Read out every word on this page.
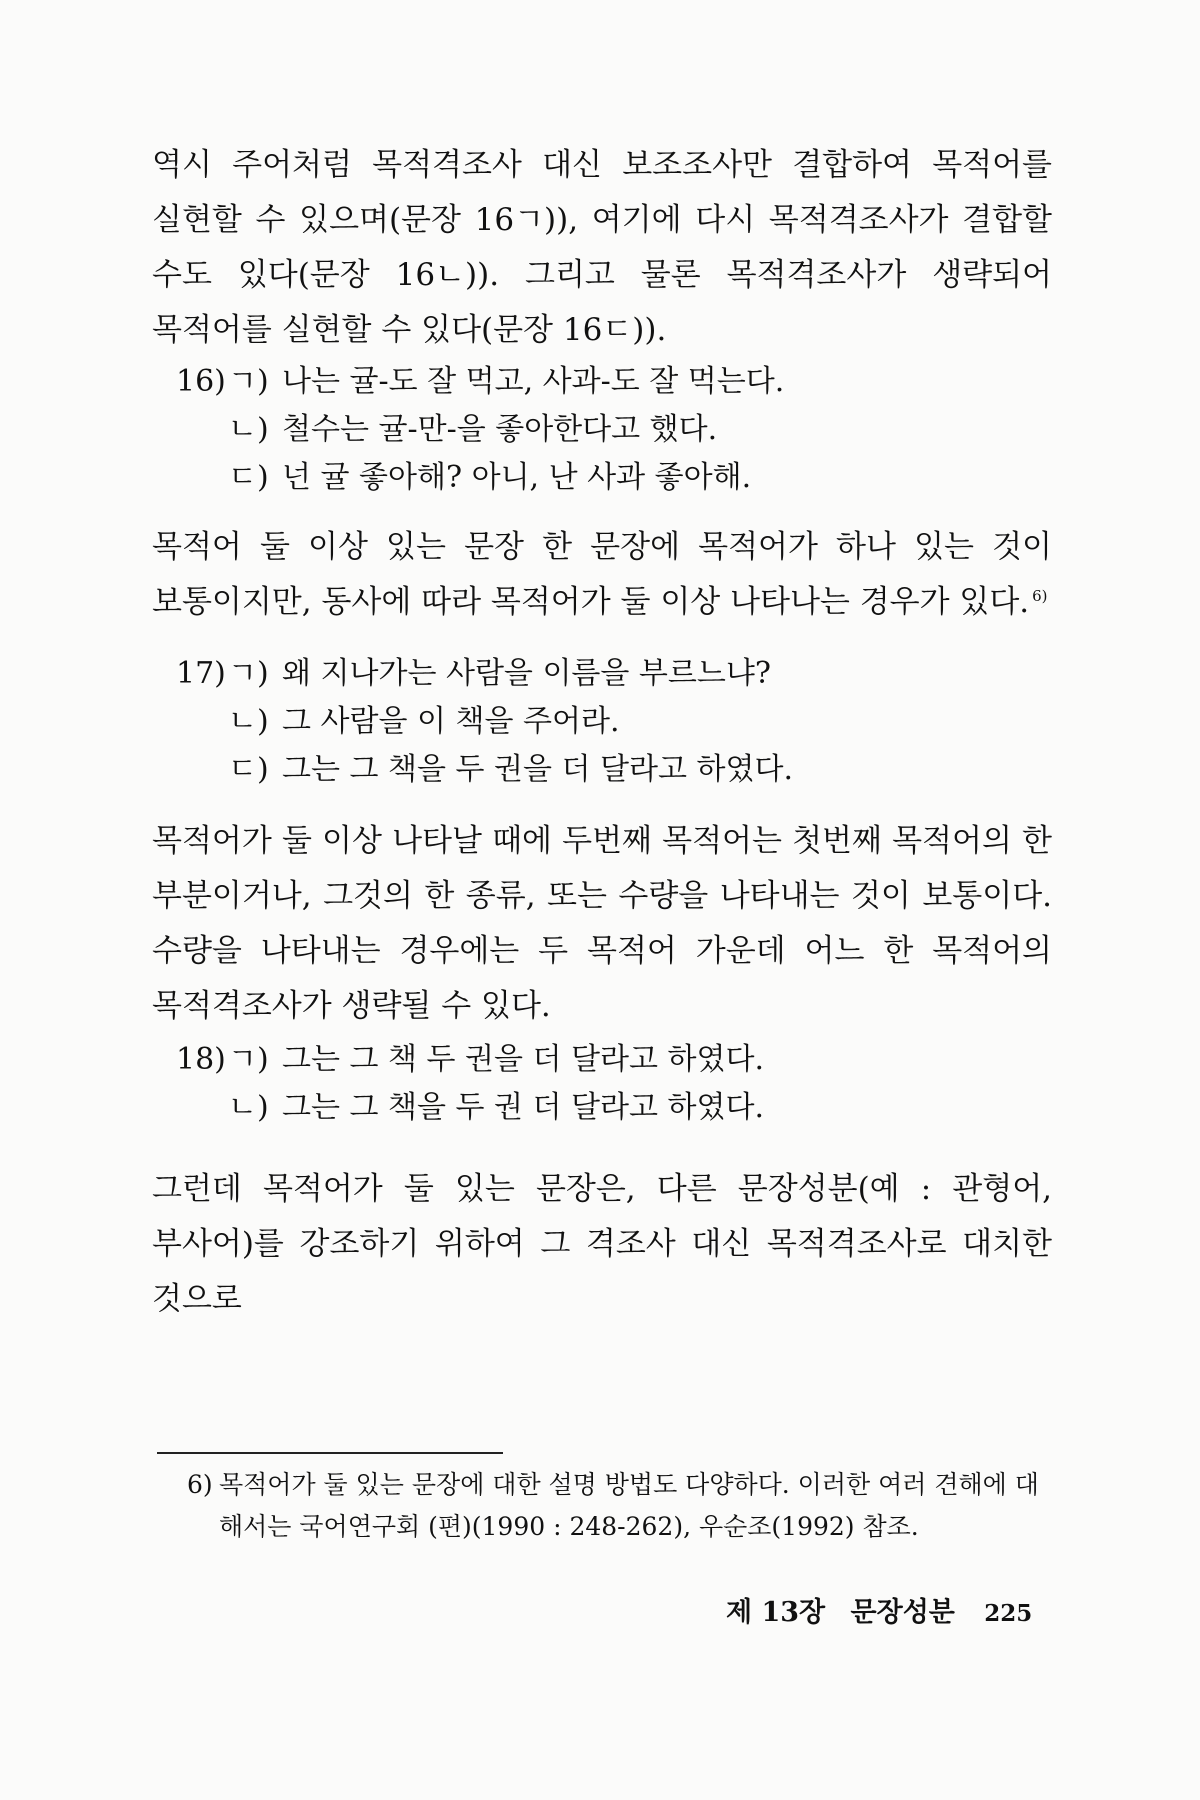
역시 주어처럼 목적격조사 대신 보조조사만 결합하여 목적어를 실현할 수 있으며(문장 16ㄱ)), 여기에 다시 목적격조사가 결합할 수도 있다(문장 16ㄴ)). 그리고 물론 목적격조사가 생략되어 목적어를 실현할 수 있다(문장 16ㄷ)).
16) ㄱ) 나는 귤-도 잘 먹고, 사과-도 잘 먹는다.
ㄴ) 철수는 귤-만-을 좋아한다고 했다.
ㄷ) 넌 귤 좋아해? 아니, 난 사과 좋아해.
목적어 둘 이상 있는 문장 한 문장에 목적어가 하나 있는 것이 보통이지만, 동사에 따라 목적어가 둘 이상 나타나는 경우가 있다. $^{6)}$
17) ㄱ) 왜 지나가는 사람을 이름을 부르느냐?
ㄴ) 그 사람을 이 책을 주어라.
ㄷ) 그는 그 책을 두 권을 더 달라고 하였다.
목적어가 둘 이상 나타날 때에 두번째 목적어는 첫번째 목적어의 한 부분이거나, 그것의 한 종류, 또는 수량을 나타내는 것이 보통이다. 수량을 나타내는 경우에는 두 목적어 가운데 어느 한 목적어의 목적격조사가 생략될 수 있다.
18) ㄱ) 그는 그 책 두 권을 더 달라고 하였다.
ㄴ) 그는 그 책을 두 권 더 달라고 하였다.
그런데 목적어가 둘 있는 문장은, 다른 문장성분(예 : 관형어, 부사어)를 강조하기 위하여 그 격조사 대신 목적격조사로 대치한 것으로
6) 목적어가 둘 있는 문장에 대한 설명 방법도 다양하다. 이러한 여러 견해에 대
해서는 국어연구회 (편)(1990 : 248-262), 우순조(1992) 참조.
제 13장 문장성분 225
